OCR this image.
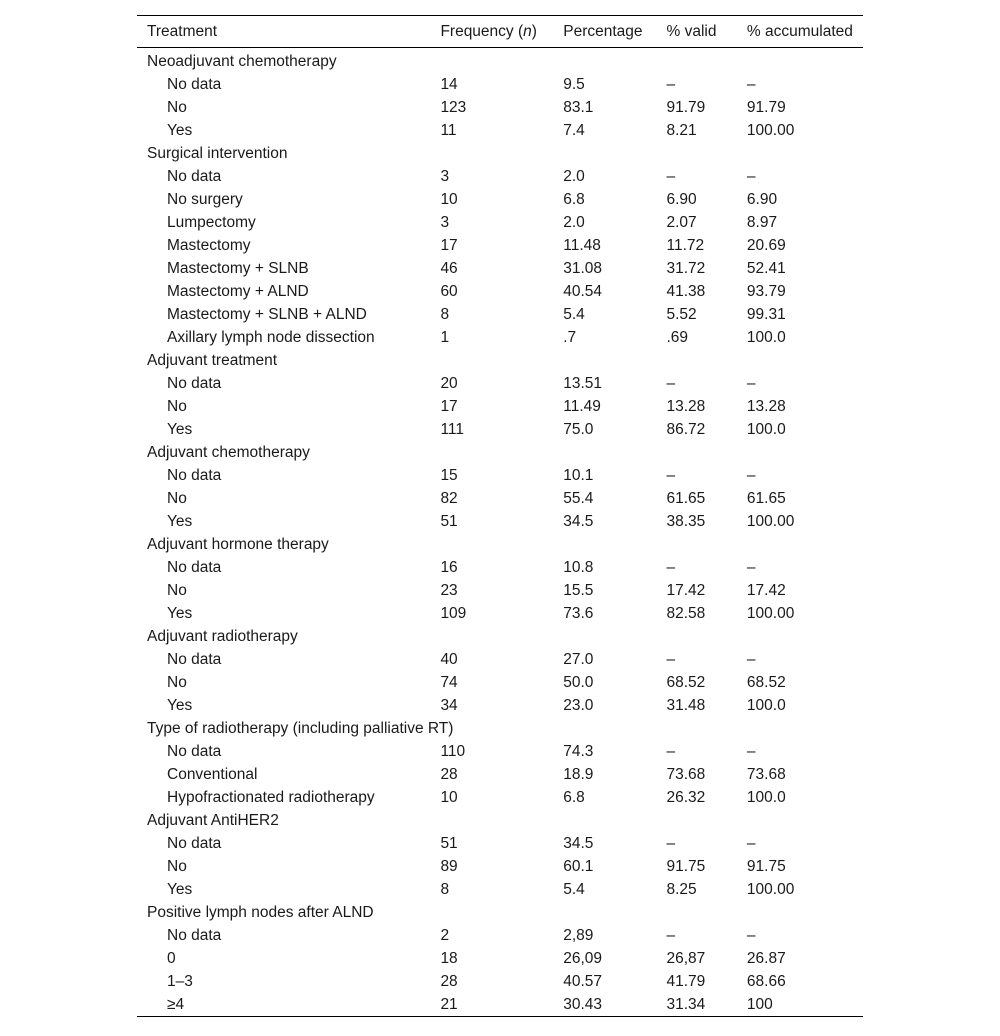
Treatment	Frequency (n)	Percentage	% valid	% accumulated
Neoadjuvant chemotherapy				
No data	14	9.5	–	–
No	123	83.1	91.79	91.79
Yes	11	7.4	8.21	100.00
Surgical intervention				
No data	3	2.0	–	–
No surgery	10	6.8	6.90	6.90
Lumpectomy	3	2.0	2.07	8.97
Mastectomy	17	11.48	11.72	20.69
Mastectomy + SLNB	46	31.08	31.72	52.41
Mastectomy + ALND	60	40.54	41.38	93.79
Mastectomy + SLNB + ALND	8	5.4	5.52	99.31
Axillary lymph node dissection	1	.7	.69	100.0
Adjuvant treatment				
No data	20	13.51	–	–
No	17	11.49	13.28	13.28
Yes	111	75.0	86.72	100.0
Adjuvant chemotherapy				
No data	15	10.1	–	–
No	82	55.4	61.65	61.65
Yes	51	34.5	38.35	100.00
Adjuvant hormone therapy				
No data	16	10.8	–	–
No	23	15.5	17.42	17.42
Yes	109	73.6	82.58	100.00
Adjuvant radiotherapy				
No data	40	27.0	–	–
No	74	50.0	68.52	68.52
Yes	34	23.0	31.48	100.0
Type of radiotherapy (including palliative RT)				
No data	110	74.3	–	–
Conventional	28	18.9	73.68	73.68
Hypofractionated radiotherapy	10	6.8	26.32	100.0
Adjuvant AntiHER2				
No data	51	34.5	–	–
No	89	60.1	91.75	91.75
Yes	8	5.4	8.25	100.00
Positive lymph nodes after ALND				
No data	2	2,89	–	–
0	18	26,09	26,87	26.87
1–3	28	40.57	41.79	68.66
≥4	21	30.43	31.34	100
